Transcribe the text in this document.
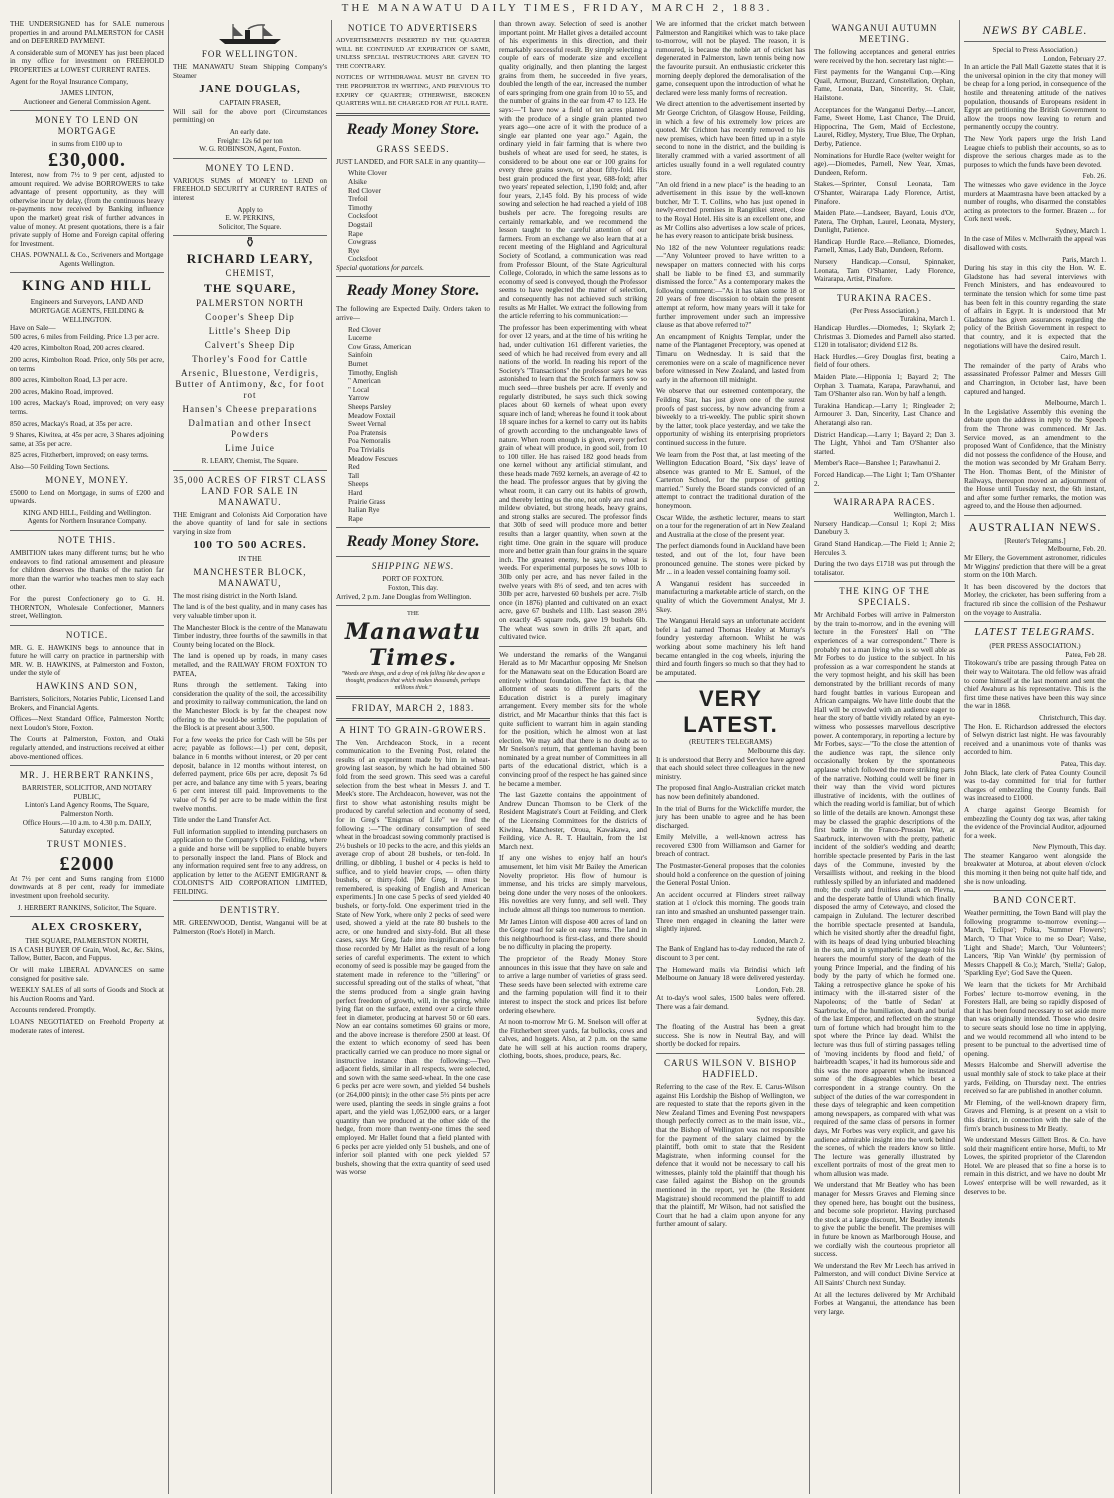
THE MANAWATU DAILY TIMES, FRIDAY, MARCH 2, 1883.

THE UNDERSIGNED has for SALE numerous properties in and around PALMERSTON for CASH and on DEFERRED PAYMENT.

A considerable sum of MONEY has just been placed in my office for investment on FREEHOLD PROPERTIES at LOWEST CURRENT RATES.

Agent for the Royal Insurance Company,

JAMES LINTON,
Auctioneer and General Commission Agent.
MONEY TO LEND ON MORTGAGE
in sums from £100 up to
£30,000.

Interest, now from 7½ to 9 per cent, adjusted to amount required. We advise BORROWERS to take advantage of present opportunity, as they will otherwise incur by delay, (from the continuous heavy re-payments now received by Banking influence upon the market) great risk of further advances in value of money. At present quotations, there is a fair private supply of Home and Foreign capital offering for Investment.

CHAS. POWNALL & Co., Scriveners and Mortgage Agents Wellington.
KING AND HILL
Engineers and Surveyors, LAND AND MORTGAGE AGENTS, FEILDING & WELLINGTON.
Have on Sale—
500 acres, 6 miles from Feilding. Price 1.3 per acre.
420 acres, Kimbolton Road, 200 acres cleared.
200 acres, Kimbolton Road. Price, only 50s per acre, on terms
800 acres, Kimbolton Road, L3 per acre.
200 acres, Makino Road, improved.
100 acres, Mackay's Road, improved; on very easy terms.
850 acres, Mackay's Road, at 35s per acre.
9 Shares, Kiwitea, at 45s per acre, 3 Shares adjoining same, at 35s per acre.
825 acres, Fitzherbert, improved; on easy terms.
Also—50 Feilding Town Sections.
MONEY, MONEY.

£5000 to Lend on Mortgage, in sums of £200 and upwards.

KING AND HILL, Feilding and Wellington.
Agents for Northern Insurance Company.
NOTE THIS.

AMBITION takes many different turns; but he who endeavors to find rational amusement and pleasure for children deserves the thanks of the nation far more than the warrior who teaches men to slay each other.

For the purest Confectionery go to G. H. THORNTON, Wholesale Confectioner, Manners street, Wellington.

NOTICE.

MR. G. E. HAWKINS begs to announce that in future he will carry on practice in partnership with MR. W. B. HAWKINS, at Palmerston and Foxton, under the style of

HAWKINS AND SON,

Barristers, Solicitors, Notaries Public, Licensed Land Brokers, and Financial Agents.

Offices—Next Standard Office, Palmerston North; next Loudon's Store, Foxton.

The Courts at Palmerston, Foxton, and Otaki regularly attended, and instructions received at either above-mentioned offices.

MR. J. HERBERT RANKINS,
BARRISTER, SOLICITOR, AND NOTARY PUBLIC,
Linton's Land Agency Rooms, The Square, Palmerston North.
Office Hours.—10 a.m. to 4.30 p.m. DAILY, Saturday excepted.
TRUST MONIES.
£2000

At 7½ per cent and Sums ranging from £1000 downwards at 8 per cent, ready for immediate investment upon freehold security.

J. HERBERT RANKINS, Solicitor, The Square.
ALEX CROSKERY,
THE SQUARE, PALMERSTON NORTH,

IS A CASH BUYER OF Grain, Wool, &c, &c. Skins, Tallow, Butter, Bacon, and Fuppus.

Or will make LIBERAL ADVANCES on same consigned for positive sale.

WEEKLY SALES of all sorts of Goods and Stock at his Auction Rooms and Yard.

Accounts rendered. Promptly.

LOANS NEGOTIATED on Freehold Property at moderate rates of interest.

FOR WELLINGTON.

THE MANAWATU Steam Shipping Company's Steamer

JANE DOUGLAS,
CAPTAIN FRASER,

Will sail for the above port (Circumstances permitting) on

An early date.
Freight: 12s 6d per ton
W. G. ROBINSON, Agent, Foxton.
MONEY TO LEND.

VARIOUS SUMS of MONEY to LEND on FREEHOLD SECURITY at CURRENT RATES of interest

Apply to
E. W. PERKINS,
Solicitor, The Square.
⚱
RICHARD LEARY,
CHEMIST,
THE SQUARE,
PALMERSTON NORTH
Cooper's Sheep Dip
Little's Sheep Dip
Calvert's Sheep Dip
Thorley's Food for Cattle
Arsenic, Bluestone, Verdigris, Butter of Antimony, &c, for foot rot
Hansen's Cheese preparations
Dalmatian and other Insect Powders
Lime Juice
R. LEARY, Chemist, The Square.
35,000 ACRES OF FIRST CLASS LAND FOR SALE IN MANAWATU.

THE Emigrant and Colonists Aid Corporation have the above quantity of land for sale in sections varying in size from

100 TO 500 ACRES.
IN THE
MANCHESTER BLOCK, MANAWATU,

The most rising district in the North Island.

The land is of the best quality, and in many cases has very valuable timber upon it.

The Manchester Block is the centre of the Manawatu Timber industry, three fourths of the sawmills in that County being located on the Block.

The land is opened up by roads, in many cases metalled, and the RAILWAY FROM FOXTON TO PATEA,

Runs through the settlement. Taking into consideration the quality of the soil, the accessibility and proximity to railway communication, the land on the Manchester Block is by far the cheapest now offering to the would-be settler. The population of the Block is at present about 3,500.

For a few weeks the price for Cash will be 50s per acre; payable as follows:—1) per cent, deposit, balance in 6 months without interest, or 20 per cent deposit, balance in 12 months without interest, on deferred payment, price 60s per acre, deposit 7s 6d per acre, and balance any time with 5 years, bearing 6 per cent interest till paid. Improvements to the value of 7s 6d per acre to be made within the first twelve months.

Title under the Land Transfer Act.

Full information supplied to intending purchasers on application to the Company's Office, Feilding, where a guide and horse will be supplied to enable buyers to personally inspect the land. Plans of Block and any information required sent free to any address, on application by letter to the AGENT EMIGRANT & COLONIST'S AID CORPORATION LIMITED, FEILDING.

DENTISTRY.

MR. GREENWOOD, Dentist, Wanganui will be at Palmerston (Roe's Hotel) in March.

NOTICE TO ADVERTISERS

ADVERTISEMENTS INSERTED BY THE QUARTER WILL BE CONTINUED AT EXPIRATION OF SAME, UNLESS SPECIAL INSTRUCTIONS ARE GIVEN TO THE CONTRARY.

NOTICES OF WITHDRAWAL MUST BE GIVEN TO THE PROPRIETOR IN WRITING, AND PREVIOUS TO EXPIRY OF QUARTER; OTHERWISE, BROKEN QUARTERS WILL BE CHARGED FOR AT FULL RATE.

Ready Money Store.
GRASS SEEDS.

JUST LANDED, and FOR SALE in any quantity—

White Clover
Alsike
Red Clover
Trefoil
Timothy
Cocksfoot
Dogstail
Rape
Cowgrass
Rye
Cocksfoot

Special quotations for parcels.

Ready Money Store.

The following are Expected Daily. Orders taken to arrive—

Red Clover
Lucerne
Cow Grass, American
Sainfoin
Burnet
Timothy, English
" American
" Local
Yarrow
Sheeps Parsley
Meadow Foxtail
Sweet Vernal
Poa Pratensis
Poa Nemoralis
Poa Trivialis
Meadow Fescues
Red
Tall
Sheeps
Hard
Prairie Grass
Italian Rye
Rape
Ready Money Store.
SHIPPING NEWS.
PORT OF FOXTON.
Foxton, This day.

Arrived, 2 p.m. Jane Douglas from Wellington.

THE
Manawatu Times.

"Words are things, and a drop of ink falling like dew upon a thought, produces that which makes thousands, perhaps millions think."

FRIDAY, MARCH 2, 1883.
A HINT TO GRAIN-GROWERS.

The Ven. Archdeacon Stock, in a recent communication to the Evening Post, related the results of an experiment made by him in wheat-growing last season, by which he had obtained 500 fold from the seed grown. This seed was a careful selection from the best wheat in Messrs J. and T. Meek's store. The Archdeacon, however, was not the first to show what astonishing results might be produced by careful selection and economy of seed, for in Greg's "Enigmas of Life" we find the following :—"The ordinary consumption of seed wheat in the broadcast sowing commonly practised is 2½ bushels or 10 pecks to the acre, and this yields an average crop of about 28 bushels, or ten-fold. In drilling, or dibbling, 1 bushel or 4 pecks is held to suffice, and to yield heavier crops, — often thirty bushels, or thirty-fold. [Mr Greg, it must be remembered, is speaking of English and American experiments.] In one case 5 pecks of seed yielded 40 bushels, or forty-fold. One experiment tried in the State of New York, where only 2 pecks of seed were used, showed a yield at the rate 80 bushels to the acre, or one hundred and sixty-fold. But all these cases, says Mr Greg, fade into insignificance before those recorded by Mr Hallet as the result of a long series of careful experiments. The extent to which economy of seed is possible may be gauged from the statement made in reference to the "tillering" or successful spreading out of the stalks of wheat, "that the stems produced from a single grain having perfect freedom of growth, will, in the spring, while lying flat on the surface, extend over a circle three feet in diameter, producing at harvest 50 or 60 ears. Now an ear contains sometimes 60 grains or more, and the above increase is therefore 2500 at least. Of the extent to which economy of seed has been practically carried we can produce no more signal or instructive instance than the following:—Two adjacent fields, similar in all respects, were selected, and sown with the same seed-wheat. In the one case 6 pecks per acre were sown, and yielded 54 bushels (or 264,000 pints); in the other case 5½ pints per acre were used, planting the seeds in single grains a foot apart, and the yield was 1,052,000 ears, or a larger quantity than we produced at the other side of the hedge, from more than twenty-one times the seed employed. Mr Hallet found that a field planted with 6 pecks per acre yielded only 51 bushels, and one of inferior soil planted with one peck yielded 57 bushels, showing that the extra quantity of seed used was worse

than thrown away. Selection of seed is another important point. Mr Hallet gives a detailed account of his experiments in this direction, and their remarkably successful result. By simply selecting a couple of ears of moderate size and excellent quality originally, and then planting the largest grains from them, he succeeded in five years, doubled the length of the ear, increased the number of ears springing from one grain from 10 to 55, and the number of grains in the ear from 47 to 123. He says:—"I have now a field of ten acres planted with the produce of a single grain planted two years ago—one acre of it with the produce of a single ear planted one year ago." Again, the ordinary yield in fair farming that is where two bushels of wheat are used for seed, he states, is considered to be about one ear or 100 grains for every three grains sown, or about fifty-fold. His best grain produced the first year, 688-fold; after two years' repeated selection, 1,190 fold; and, after four years, 2,145 fold. By his process of wide sowing and selection he had reached a yield of 108 bushels per acre. The foregoing results are certainly remarkable, and we recommend the lesson taught to the careful attention of our farmers. From an exchange we also learn that at a recent meeting of the Highland and Agricultural Society of Scotland, a communication was read from Professor Blount, of the State Agricultural College, Colorado, in which the same lessons as to economy of seed is conveyed, though the Professor seems to have neglected the matter of selection, and consequently has not achieved such striking results as Mr Hallet. We extract the following from the article referring to his communication:—

The professor has been experimenting with wheat for over 12 years, and at the time of his writing he had, under cultivation 161 different varieties, the seed of which he had received from every and all nations of the world. In reading his report of the Society's "Transactions" the professor says he was astonished to learn that the Scotch farmers sow so much seed—three bushels per acre. If evenly and regularly distributed, he says such thick sowing places about 60 kernels of wheat upon every square inch of land; whereas he found it took about 18 square inches for a kernel to carry out its habits of growth according to the unchangeable laws of nature. When room enough is given, every perfect grain of wheat will produce, in good soil, from 10 to 100 tiller. He has raised 182 good heads from one kernel without any artificial stimulant, and these heads made 7692 kernels, an average of 42 to the head. The professor argues that by giving the wheat room, it can carry out its habits of growth, and thereby letting us the one, not only are rust and mildew obviated, but strong heads, heavy grains, and strong stalks are secured. The professor finds that 30lb of seed will produce more and better results than a larger quantity, when sown at the right time. One grain in the square will produce more and better grain than four grains in the square inch. The greatest enemy, he says, to wheat is weeds. For experimental purposes he sows 10lb to 30lb only per acre, and has never failed in the twelve years with 8½ of seed, and ten acres with 30lb per acre, harvested 60 bushels per acre. 7½lb once (in 1876) planted and cultivated on an exact acre, gave 67 bushels and 11lb. Last season 28½ on exactly 45 square rods, gave 19 bushels 6lb. The wheat was sown in drills 2ft apart, and cultivated twice.

We understand the remarks of the Wanganui Herald as to Mr Macarthur opposing Mr Snelson for the Manawatu seat on the Education Board are entirely without foundation. The fact is, that the allotment of seats to different parts of the Education district is a purely imaginary arrangement. Every member sits for the whole district, and Mr Macarthur thinks that this fact is quite sufficient to warrant him in again standing for the position, which he almost won at last election. We may add that there is no doubt as to Mr Snelson's return, that gentleman having been nominated by a great number of Committees in all parts of the educational district, which is a convincing proof of the respect he has gained since he became a member.

The last Gazette contains the appointment of Andrew Duncan Thomson to be Clerk of the Resident Magistrate's Court at Feilding, and Clerk of the Licensing Committees for the districts of Kiwitea, Manchester, Oroua, Kawakawa, and Feilding, vice A. R. T. Haultain, from the 1st March next.

If any one wishes to enjoy half an hour's amusement, let him visit Mr Bailey the American Novelty proprietor. His flow of humour is immense, and his tricks are simply marvelous, being done under the very noses of the onlookers. His novelties are very funny, and sell well. They include almost all things too numerous to mention.

Mr James Linton will dispose 400 acres of land on the Gorge road for sale on easy terms. The land in this neighbourhood is first-class, and there should be no difficulty in placing the property.

The proprietor of the Ready Money Store announces in this issue that they have on sale and to arrive a large number of varieties of grass seed. These seeds have been selected with extreme care and the farming population will find it to their interest to inspect the stock and prices list before ordering elsewhere.

At noon to-morrow Mr G. M. Snelson will offer at the Fitzherbert street yards, fat bullocks, cows and calves, and hoggets. Also, at 2 p.m. on the same date he will sell at his auction rooms drapery, clothing, boots, shoes, produce, pears, &c.

We are informed that the cricket match between Palmerston and Rangitikei which was to take place to-morrow, will not be played. The reason, it is rumoured, is because the noble art of cricket has degenerated in Palmerston, lawn tennis being now the favourite pursuit. An enthusiastic cricketer this morning deeply deplored the demoralisation of the game, consequent upon the introduction of what he declared were less manly forms of recreation.

We direct attention to the advertisement inserted by Mr George Crichton, of Glasgow House, Feilding, in which a few of his extremely low prices are quoted. Mr Crichton has recently removed to his new premises, which have been fitted up in a style second to none in the district, and the building is literally crammed with a varied assortment of all articles usually found in a well regulated country store.

"An old friend in a new place" is the heading to an advertisement in this issue by the well-known butcher, Mr T. T. Collins, who has just opened in newly-erected premises in Rangitikei street, close to the Royal Hotel. His site is an excellent one, and as Mr Collins also advertises a low scale of prices, he has every reason to anticipate brisk business.

No 182 of the new Volunteer regulations reads:—"Any Volunteer proved to have written to a newspaper on matters connected with his corps shall be liable to be fined £3, and summarily dismissed the force." As a contemporary makes the following comment:—"As it has taken some 18 or 20 years of free discussion to obtain the present attempt at reform, how many years will it take for further improvement under such an impressive clause as that above referred to?"

An encampment of Knights Templar, under the name of the Plantagenet Preceptory, was opened at Timaru on Wednesday. It is said that the ceremonies were on a scale of magnificence never before witnessed in New Zealand, and lasted from early in the afternoon till midnight.

We observe that our esteemed contemporary, the Feilding Star, has just given one of the surest proofs of past success, by now advancing from a biweekly to a tri-weekly. The public spirit shown by the latter, took place yesterday, and we take the opportunity of wishing its enterprising proprietors continued success in the future.

We learn from the Post that, at last meeting of the Wellington Education Board, "Six days' leave of absence was granted to Mr E. Samuel, of the Carterton School, for the purpose of getting married." Surely the Board stands convicted of an attempt to contract the traditional duration of the honeymoon.

Oscar Wilde, the æsthetic lecturer, means to start on a tour for the regeneration of art in New Zealand and Australia at the close of the present year.

The perfect diamonds found in Auckland have been tested, and out of the lot, four have been pronounced genuine. The stones were picked by Mr ... in a leaden vessel containing foamy soil.

A Wanganui resident has succeeded in manufacturing a marketable article of starch, on the quality of which the Government Analyst, Mr J. Skey.

The Wanganui Herald says an unfortunate accident befel a lad named Thomas Healey at Murray's foundry yesterday afternoon. Whilst he was working about some machinery his left hand became entangled in the cog wheels, injuring the third and fourth fingers so much so that they had to be amputated.

VERY LATEST.
(REUTER'S TELEGRAMS)
Melbourne this day.

It is understood that Berry and Service have agreed that each should select three colleagues in the new ministry.

The proposed final Anglo-Australian cricket match has now been definitely abandoned.

In the trial of Burns for the Wickcliffe murder, the jury has been unable to agree and he has been discharged.

Emily Melville, a well-known actress has recovered £300 from Williamson and Garner for breach of contract.

The Postmaster-General proposes that the colonies should hold a conference on the question of joining the General Postal Union.

An accident occurred at Flinders street railway station at 1 o'clock this morning. The goods train ran into and smashed an unshunted passenger train. Three men engaged in cleaning the latter were slightly injured.

London, March 2.

The Bank of England has to-day reduced the rate of discount to 3 per cent.

The Homeward mails via Brindisi which left Melbourne on January 18 were delivered yesterday.

London, Feb. 28.

At to-day's wool sales, 1500 bales were offered. There was a fair demand.

Sydney, this day.

The floating of the Austral has been a great success. She is now in Neutral Bay, and will shortly be docked for repairs.

CARUS WILSON V. BISHOP HADFIELD.

Referring to the case of the Rev. E. Carus-Wilson against His Lordship the Bishop of Wellington, we are requested to state that the reports given in the New Zealand Times and Evening Post newspapers though perfectly correct as to the main issue, viz., that the Bishop of Wellington was not responsible for the payment of the salary claimed by the plaintiff, both omit to state that the Resident Magistrate, when informing counsel for the defence that it would not be necessary to call his witnesses, plainly told the plaintiff that though his case failed against the Bishop on the grounds mentioned in the report, yet he (the Resident Magistrate) should recommend the plaintiff to add that the plaintiff, Mr Wilson, had not satisfied the Court that he had a claim upon anyone for any further amount of salary.

WANGANUI AUTUMN MEETING.

The following acceptances and general entries were received by the hon. secretary last night:—

First payments for the Wanganui Cup.—King Quail, Armour, Buzzard, Constellation, Orphan, Fame, Leonata, Dan, Sincerity, St. Clair, Hailstone.

Acceptances for the Wanganui Derby.—Lancer, Fame, Sweet Home, Last Chance, The Druid, Hippocrina, The Gem, Maid of Ecclestone, Laurel, Ridley, Mystery, True Blue, The Orphan, Derby, Patience.

Nominations for Hurdle Race (welter weight for age).—Diomedes, Parnell, New Year, Xmas, Dundeen, Reform.

Stakes.—Sprinter, Consul Leonata, Tam O'Shanter, Wairarapa Lady Florence, Artist, Pinafore.

Maiden Plate.—Landseer, Bayard, Louis d'Or, Patera, The Orphan, Laurel, Leonata, Mystery, Dunlight, Patience.

Handicap Hurdle Race.—Reliance, Diomedes, Parnell, Xmas, Lady Bab, Dundeen, Reform.

Nursery Handicap.—Consul, Spinnaker, Leonata, Tam O'Shanter, Lady Florence, Wairarapa, Artist, Pinafore.

TURAKINA RACES.
(Per Press Association.)
Turakina, March 1.

Handicap Hurdles.—Diomedes, 1; Skylark 2; Christmas 3. Diomedes and Parnell also started. £120 in totalisator; dividend £12 8s.

Hack Hurdles.—Grey Douglas first, beating a field of four others.

Maiden Plate.—Hipponia 1; Bayard 2; The Orphan 3. Tuamata, Karapa, Parawhanui, and Tam O'Shanter also ran. Won by half a length.

Turakina Handicap.—Larry 1; Ringleader 2; Armourer 3. Dan, Sincerity, Last Chance and Aheratangi also ran.

District Handicap.—Larry 1; Bayard 2; Dan 3. The Light, Yhhoi and Tam O'Shanter also started.

Member's Race—Banshee 1; Parawhanui 2.

Forced Handicap.—The Light 1; Tam O'Shanter 2.

WAIRARAPA RACES.
Wellington, March 1.

Nursery Handicap.—Consul 1; Kopi 2; Miss Danebury 3.

Grand Stand Handicap.—The Field 1; Annie 2; Hercules 3.

During the two days £1718 was put through the totalisator.

THE KING OF THE SPECIALS.

Mr Archibald Forbes will arrive in Palmerston by the train to-morrow, and in the evening will lecture in the Foresters' Hall on "The experiences of a war correspondent." There is probably not a man living who is so well able as Mr Forbes to do justice to the subject. In his profession as a war correspondent he stands at the very topmost height, and his skill has been demonstrated by the brilliant records of many hard fought battles in various European and African campaigns. We have little doubt that the Hall will be crowded with an audience eager to hear the story of battle vividly related by an eye-witness who possesses marvellous descriptive power. A contemporary, in reporting a lecture by Mr Forbes, says:—"To the close the attention of the audience was rapt, the silence only occasionally broken by the spontaneous applause which followed the more striking parts of the narrative. Nothing could well be finer in their way than the vivid word pictures illustrative of incidents, with the outlines of which the reading world is familiar, but of which so little of the details are known. Amongst these may be classed the graphic descriptions of the first battle in the Franco-Prussian War, at Saarbruck, interwoven with the pretty, pathetic incident of the soldier's wedding and dearth; horrible spectacle presented by Paris in the last days of the Commune, invested by the Versaillists without, and reeking in the blood ruthlessly spilled by an infuriated and maddened mob; the costly and fruitless attack on Plevna, and the desperate battle of Ulundi which finally disposed the army of Cetewayo, and closed the campaign in Zululand. The lecturer described the horrible spectacle presented at Isandula, which he visited shortly after the dreadful fight, with its heaps of dead lying unburied bleaching in the sun, and in sympathetic language told his hearers the mournful story of the death of the young Prince Imperial, and the finding of his body by the party of which he formed one. Taking a retrospective glance he spoke of his intimacy with the ill-starred sister of the Napoleons; of the 'battle of Sedan' at Saarbrucke, of the humiliation, death and burial of the last Emperor, and reflected on the strange turn of fortune which had brought him to the spot where the Prince lay dead. Whilst the lecture was thus full of stirring passages telling of 'moving incidents by flood and field,' of hairbreadth 'scapes,' it had its humorous side and this was the more apparent when he instanced some of the disagreeables which beset a correspondent in a strange country. On the subject of the duties of the war correspondent in these days of telegraphic and keen competition among newspapers, as compared with what was required of the same class of persons in former days, Mr Forbes was very explicit, and gave his audience admirable insight into the work behind the scenes, of which the readers know so little. The lecture was generally illustrated by excellent portraits of most of the great men to whom allusion was made.

We understand that Mr Beatley who has been manager for Messrs Graves and Fleming since they opened here, has bought out the business, and become sole proprietor. Having purchased the stock at a large discount, Mr Beatley intends to give the public the benefit. The premises will in future be known as Marlborough House, and we cordially wish the courteous proprietor all success.

We understand the Rev Mr Leech has arrived in Palmerston, and will conduct Divine Service at All Saints' Church next Sunday.

At all the lectures delivered by Mr Archibald Forbes at Wanganui, the attendance has been very large.

NEWS BY CABLE.
Special to Press Association.)
London, February 27.

In an article the Pall Mall Gazette states that it is the universal opinion in the city that money will be cheap for a long period, in consequence of the hostile and threatening attitude of the natives population, thousands of Europeans resident in Egypt are petitioning the British Government to allow the troops now leaving to return and permanently occupy the country.

The New York papers urge the Irish Land League chiefs to publish their accounts, so as to disprove the serious charges made as to the purposes to which the funds have been devoted.

Feb. 26.

The witnesses who gave evidence in the Joyce murders at Maamtrasna have been attacked by a number of roughs, who disarmed the constables acting as protectors to the former. Brazen ... for Cork next week.

Sydney, March 1.

In the case of Miles v. McIlwraith the appeal was disallowed with costs.

Paris, March 1.

During his stay in this city the Hon. W. E. Gladstone has had several interviews with French Ministers, and has endeavoured to terminate the tension which for some time past has been felt in this country regarding the state of affairs in Egypt. It is understood that Mr Gladstone has given assurances regarding the policy of the British Government in respect to that country, and it is expected that the negotiations will have the desired result.

Cairo, March 1.

The remainder of the party of Arabs who assassinated Professor Palmer and Messrs Gill and Charrington, in October last, have been captured and hanged.

Melbourne, March 1.

In the Legislative Assembly this evening the debate upon the address in reply to the Speech from the Throne was commenced. Mr Jas. Service moved, as an amendment to the proposed Want of Confidence, that the Ministry did not possess the confidence of the House, and the motion was seconded by Mr Graham Berry. The Hon. Thomas Bent, of the Minister of Railways, thereupon moved an adjournment of the House until Tuesday next, the 6th instant, and after some further remarks, the motion was agreed to, and the House then adjourned.

AUSTRALIAN NEWS.
[Reuter's Telegrams.]
Melbourne, Feb. 20.

Mr Ellery, the Government astronomer, ridicules Mr Wiggins' prediction that there will be a great storm on the 10th March.

It has been discovered by the doctors that Morley, the cricketer, has been suffering from a fractured rib since the collision of the Peshawur on the voyage to Australia.

LATEST TELEGRAMS.
(PER PRESS ASSOCIATION.)
Patea, Feb 28.

Titokowaru's tribe are passing through Patea on their way to Waitotara. The old fellow was afraid to come himself at the last moment and sent the chief Awahuru as his representative. This is the first time these natives have been this way since the war in 1868.

Christchurch, This day.

The Hon. E. Richardson addressed the electors of Selwyn district last night. He was favourably received and a unanimous vote of thanks was accorded to him.

Patea, This day.

John Black, late clerk of Patea County Council was to-day committed for trial for further charges of embezzling the County funds. Bail was increased to £1000.

A charge against George Beamish for embezzling the County dog tax was, after taking the evidence of the Provincial Auditor, adjourned for a week.

New Plymouth, This day.

The steamer Kangaroo went alongside the breakwater at Moturoa, at about eleven o'clock this morning it then being not quite half tide, and she is now unloading.

BAND CONCERT.

Weather permitting, the Town Band will play the following programme to-morrow evening:—March, 'Eclipse'; Polka, 'Summer Flowers'; March, 'O That Voice to me so Dear'; Valse, 'Light and Shade'; March, 'Our Volunteers'; Lancers, 'Rip Van Winkle' (by permission of Messrs Chappell & Co.); March, 'Stella'; Galop, 'Sparkling Eye'; God Save the Queen.

We learn that the tickets for Mr Archibald Forbes' lecture to-morrow evening, in the Foresters Hall, are being so rapidly disposed of that it has been found necessary to set aside more than was originally intended. Those who desire to secure seats should lose no time in applying, and we would recommend all who intend to be present to be punctual to the advertised time of opening.

Messrs Halcombe and Sherwill advertise the usual monthly sale of stock to take place at their yards, Feilding, on Thursday next. The entries received so far are published in another column.

Mr Fleming, of the well-known drapery firm, Graves and Fleming, is at present on a visit to this district, in connection with the sale of the firm's branch business to Mr Beatly.

We understand Messrs Gillett Bros. & Co. have sold their magnificent entire horse, Mufti, to Mr Lowes, the spirited proprietor of the Clarendon Hotel. We are pleased that so fine a horse is to remain in this district, and we have no doubt Mr Lowes' enterprise will be well rewarded, as it deserves to be.
